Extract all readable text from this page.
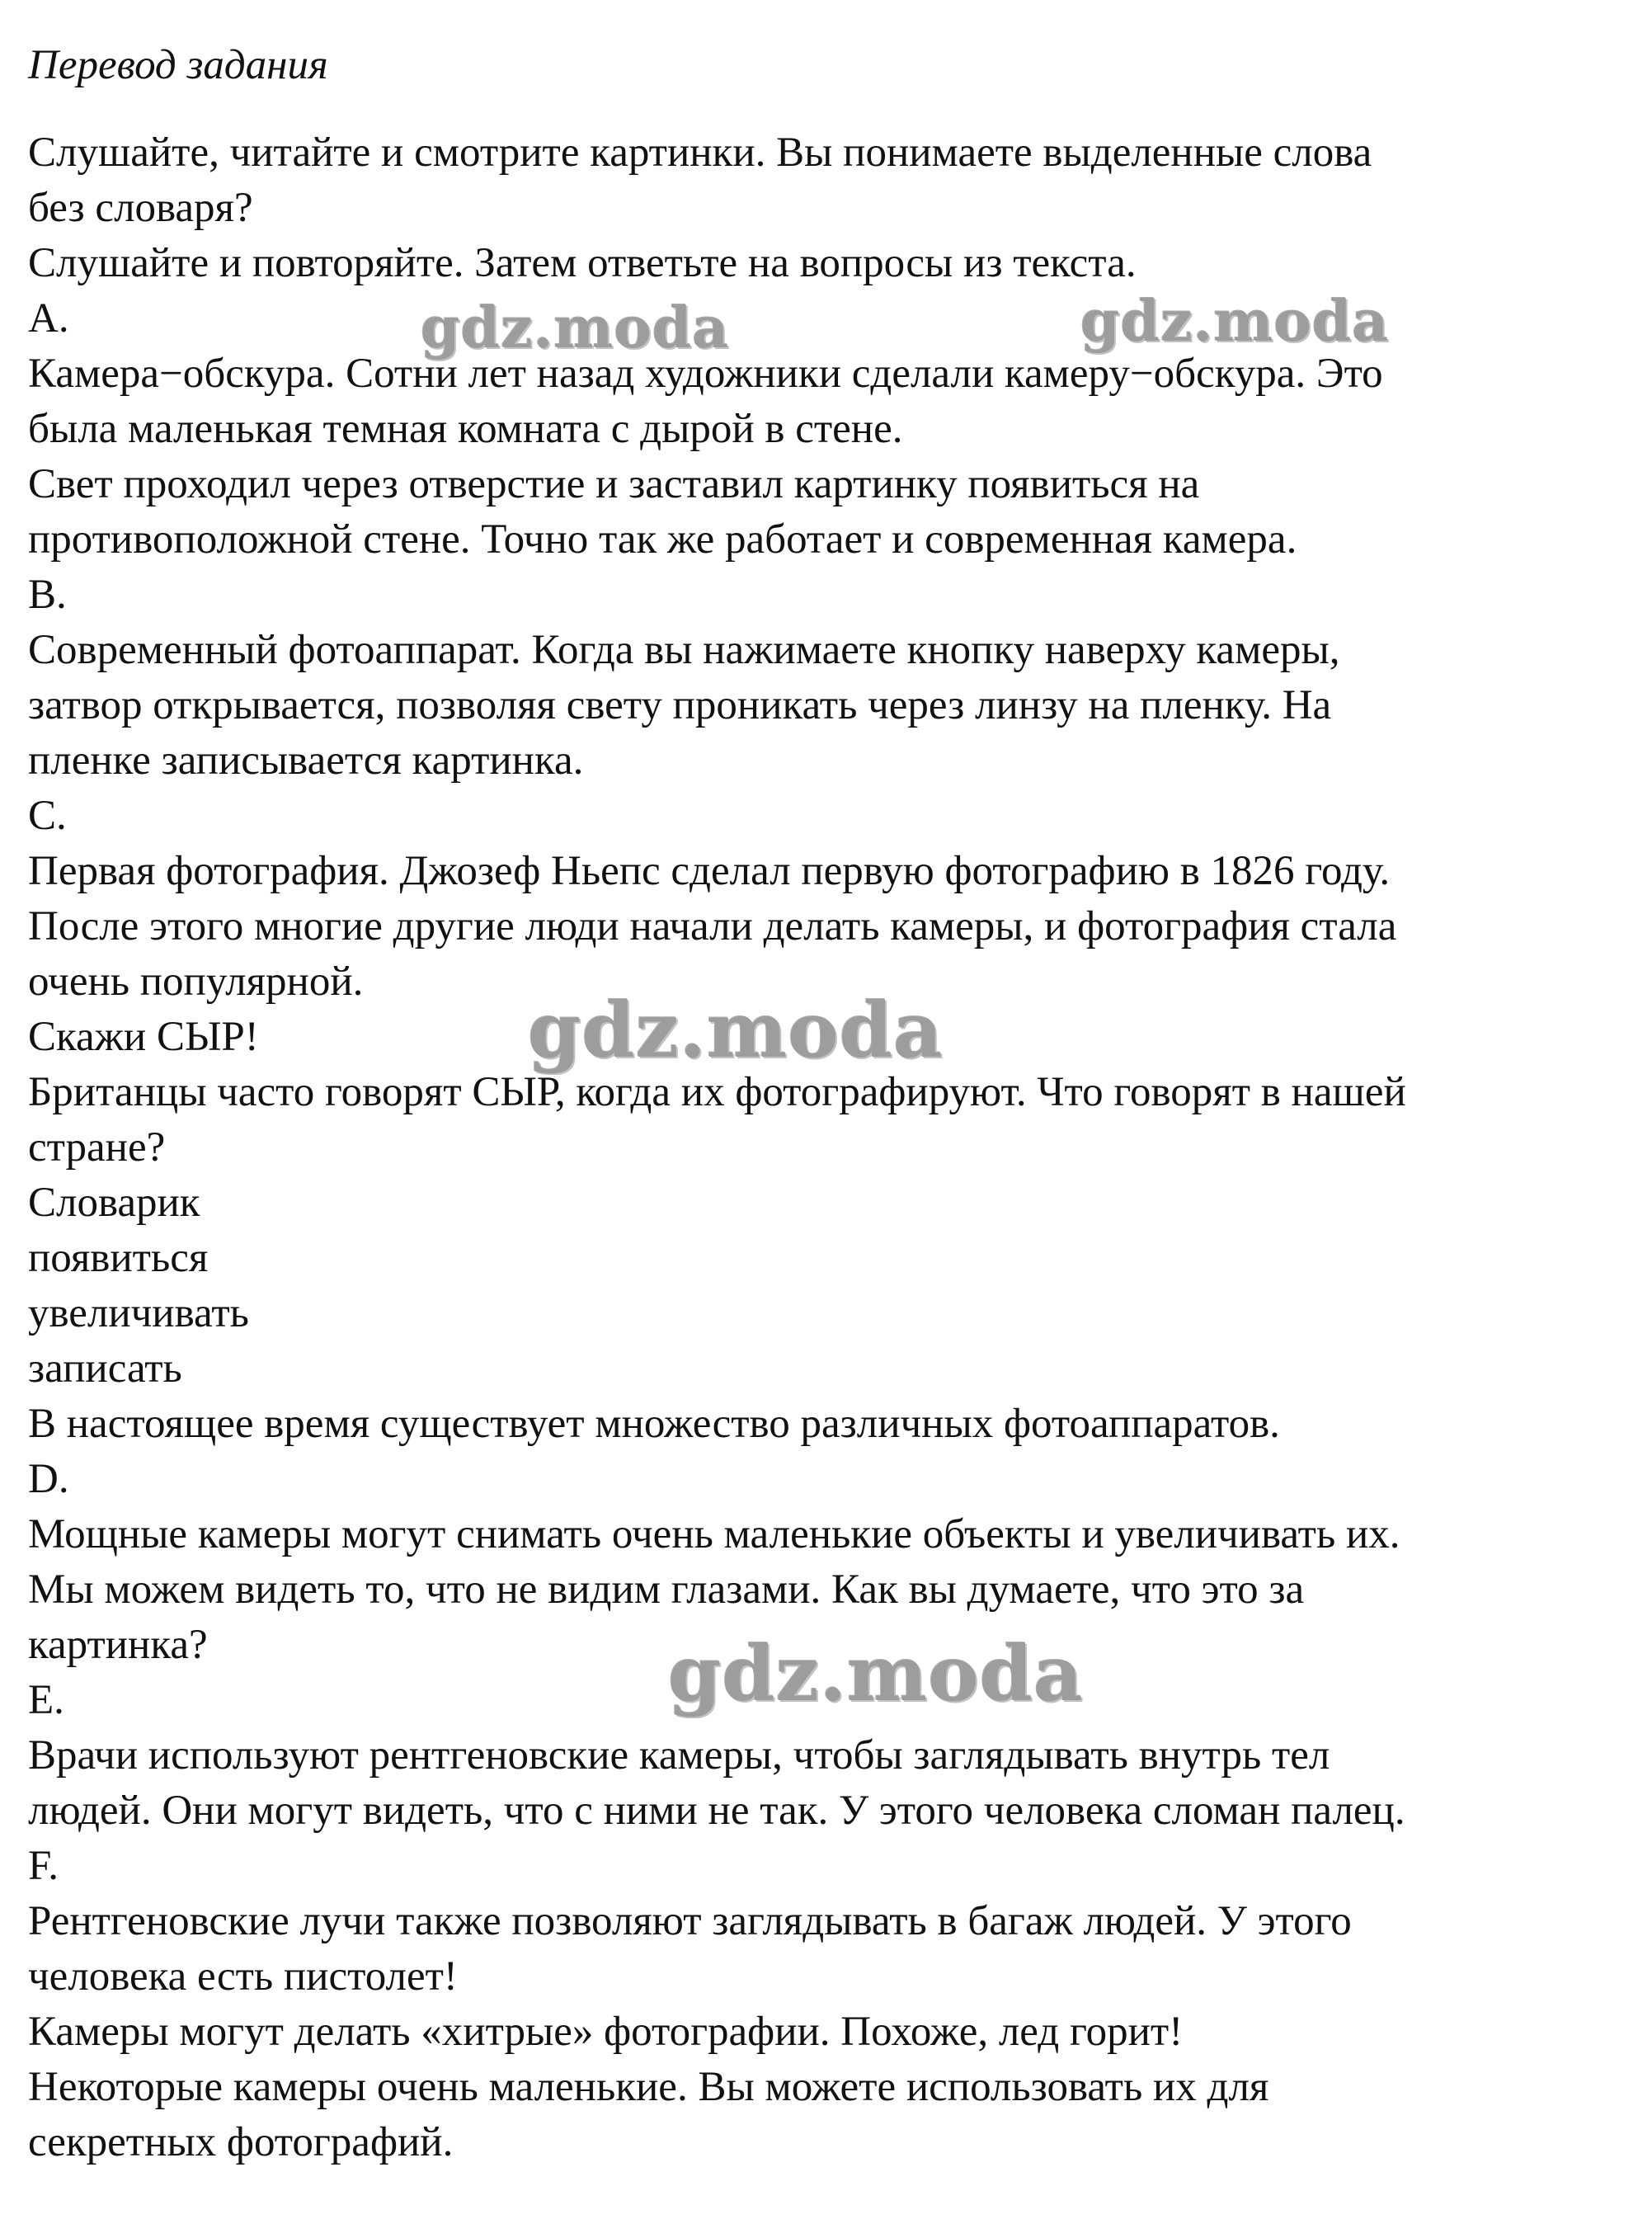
Перевод задания
Слушайте, читайте и смотрите картинки. Вы понимаете выделенные слова
без словаря?
Слушайте и повторяйте. Затем ответьте на вопросы из текста.
A.
Камера−обскура. Сотни лет назад художники сделали камеру−обскура. Это
была маленькая темная комната с дырой в стене.
Свет проходил через отверстие и заставил картинку появиться на
противоположной стене. Точно так же работает и современная камера.
B.
Современный фотоаппарат. Когда вы нажимаете кнопку наверху камеры,
затвор открывается, позволяя свету проникать через линзу на пленку. На
пленке записывается картинка.
C.
Первая фотография. Джозеф Ньепс сделал первую фотографию в 1826 году.
После этого многие другие люди начали делать камеры, и фотография стала
очень популярной.
Скажи СЫР!
Британцы часто говорят СЫР, когда их фотографируют. Что говорят в нашей
стране?
Словарик
появиться
увеличивать
записать
В настоящее время существует множество различных фотоаппаратов.
D.
Мощные камеры могут снимать очень маленькие объекты и увеличивать их.
Мы можем видеть то, что не видим глазами. Как вы думаете, что это за
картинка?
E.
Врачи используют рентгеновские камеры, чтобы заглядывать внутрь тел
людей. Они могут видеть, что с ними не так. У этого человека сломан палец.
F.
Рентгеновские лучи также позволяют заглядывать в багаж людей. У этого
человека есть пистолет!
Камеры могут делать «хитрые» фотографии. Похоже, лед горит!
Некоторые камеры очень маленькие. Вы можете использовать их для
секретных фотографий.
gdz.moda	gdz.moda
gdz.moda
gdz.moda
